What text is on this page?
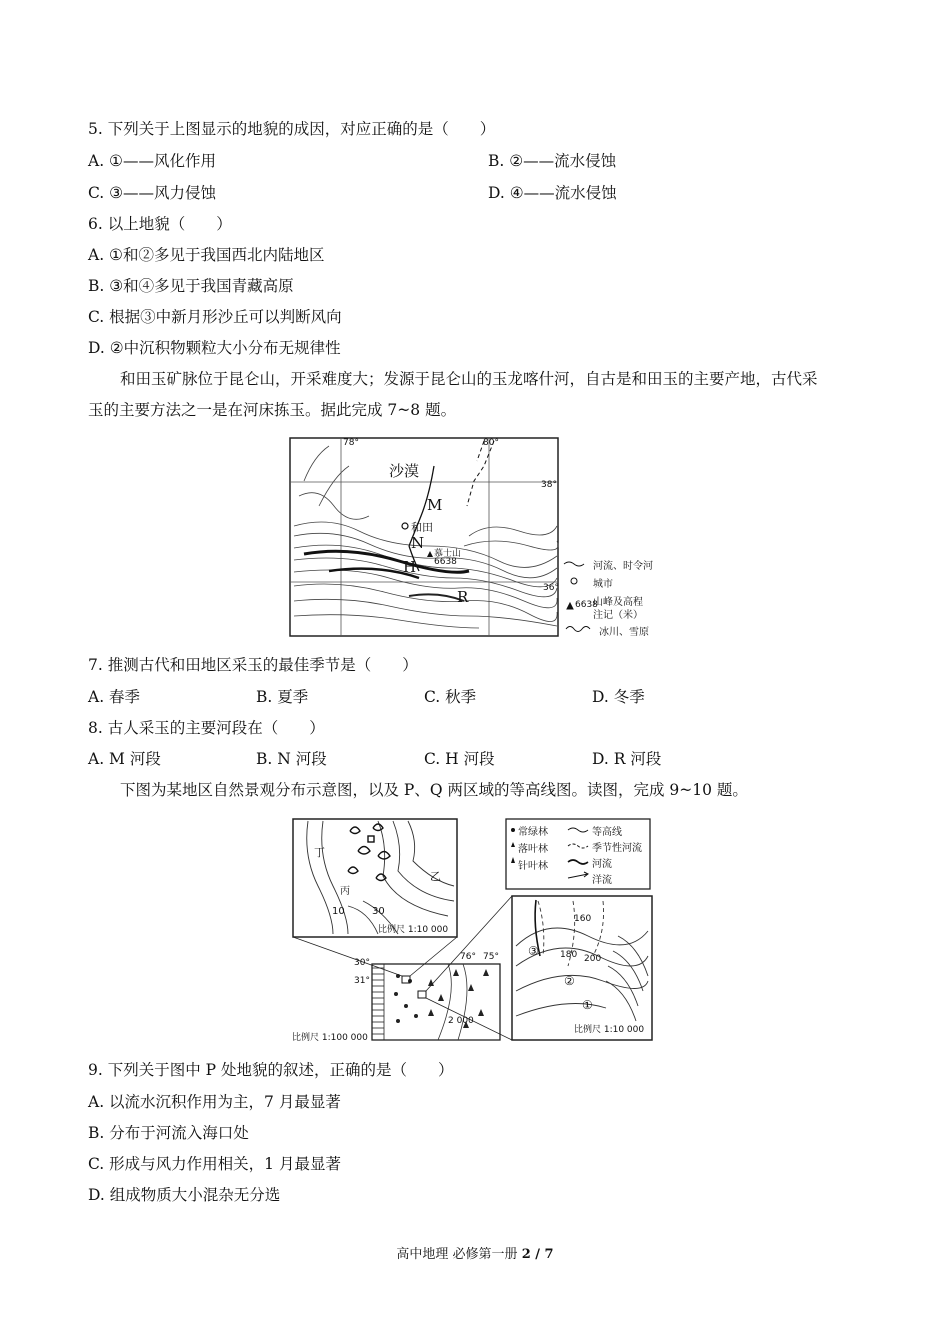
5. 下列关于上图显示的地貌的成因，对应正确的是（　　）
A. ①——风化作用	B. ②——流水侵蚀
C. ③——风力侵蚀	D. ④——流水侵蚀
6. 以上地貌（　　）
A. ①和②多见于我国西北内陆地区
B. ③和④多见于我国青藏高原
C. 根据③中新月形沙丘可以判断风向
D. ②中沉积物颗粒大小分布无规律性
和田玉矿脉位于昆仑山，开采难度大；发源于昆仑山的玉龙喀什河，自古是和田玉的主要产地，古代采
玉的主要方法之一是在河床拣玉。据此完成 7~8 题。
沙漠
38°
36°
78°	80°
M
和田
N
慕士山
6638
H
R
河流、时令河
城市
6638
山峰及高程
注记（米）
冰川、雪原
7. 推测古代和田地区采玉的最佳季节是（　　）
A. 春季	B. 夏季	C. 秋季	D. 冬季
8. 古人采玉的主要河段在（　　）
A. M 河段	B. N 河段	C. H 河段	D. R 河段
下图为某地区自然景观分布示意图，以及 P、Q 两区域的等高线图。读图，完成 9~10 题。
丁
丙
乙
10	30
比例尺 1:10 000
常绿林
落叶林
针叶林
等高线
季节性河流
河流
洋流
30°
31°
76° 75°
2 000
比例尺 1:100 000
160
180 200
③
②
①
比例尺 1:10 000
9. 下列关于图中 P 处地貌的叙述，正确的是（　　）
A. 以流水沉积作用为主，7 月最显著
B. 分布于河流入海口处
C. 形成与风力作用相关，1 月最显著
D. 组成物质大小混杂无分选
高中地理 必修第一册 2 / 7
